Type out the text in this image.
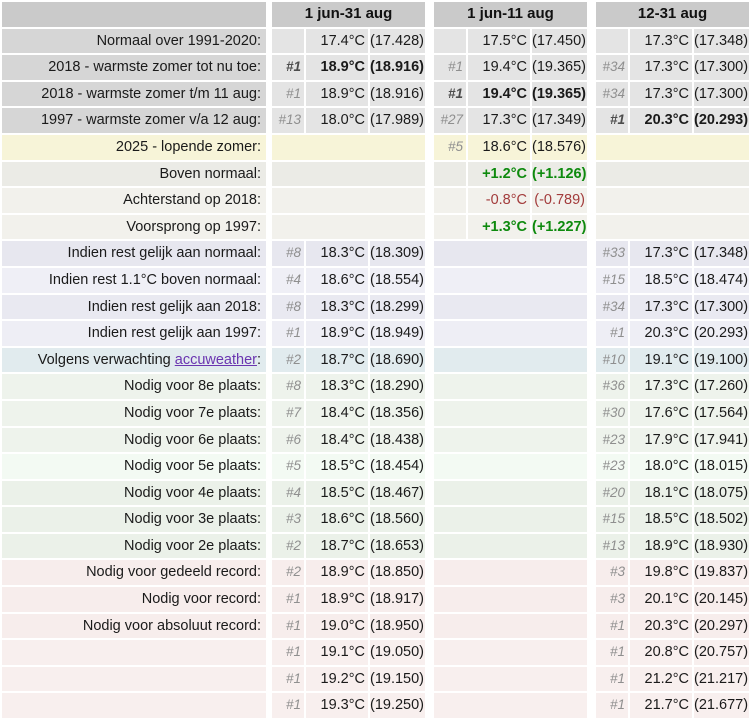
		1 jun-31 aug				1 jun-11 aug				12-31 aug		
Normaal over 1991-2020:			17.4°C	(17.428)			17.5°C	(17.450)			17.3°C	(17.348)
2018 - warmste zomer tot nu toe:		#1	18.9°C	(18.916)		#1	19.4°C	(19.365)		#34	17.3°C	(17.300)
2018 - warmste zomer t/m 11 aug:		#1	18.9°C	(18.916)		#1	19.4°C	(19.365)		#34	17.3°C	(17.300)
1997 - warmste zomer v/a 12 aug:		#13	18.0°C	(17.989)		#27	17.3°C	(17.349)		#1	20.3°C	(20.293)
2025 - lopende zomer:						#5	18.6°C	(18.576)				
Boven normaal:							+1.2°C	(+1.126)				
Achterstand op 2018:							-0.8°C	(-0.789)				
Voorsprong op 1997:							+1.3°C	(+1.227)				
Indien rest gelijk aan normaal:		#8	18.3°C	(18.309)						#33	17.3°C	(17.348)
Indien rest 1.1°C boven normaal:		#4	18.6°C	(18.554)						#15	18.5°C	(18.474)
Indien rest gelijk aan 2018:		#8	18.3°C	(18.299)						#34	17.3°C	(17.300)
Indien rest gelijk aan 1997:		#1	18.9°C	(18.949)						#1	20.3°C	(20.293)
Volgens verwachting accuweather:		#2	18.7°C	(18.690)						#10	19.1°C	(19.100)
Nodig voor 8e plaats:		#8	18.3°C	(18.290)						#36	17.3°C	(17.260)
Nodig voor 7e plaats:		#7	18.4°C	(18.356)						#30	17.6°C	(17.564)
Nodig voor 6e plaats:		#6	18.4°C	(18.438)						#23	17.9°C	(17.941)
Nodig voor 5e plaats:		#5	18.5°C	(18.454)						#23	18.0°C	(18.015)
Nodig voor 4e plaats:		#4	18.5°C	(18.467)						#20	18.1°C	(18.075)
Nodig voor 3e plaats:		#3	18.6°C	(18.560)						#15	18.5°C	(18.502)
Nodig voor 2e plaats:		#2	18.7°C	(18.653)						#13	18.9°C	(18.930)
Nodig voor gedeeld record:		#2	18.9°C	(18.850)						#3	19.8°C	(19.837)
Nodig voor record:		#1	18.9°C	(18.917)						#3	20.1°C	(20.145)
Nodig voor absoluut record:		#1	19.0°C	(18.950)						#1	20.3°C	(20.297)
		#1	19.1°C	(19.050)						#1	20.8°C	(20.757)
		#1	19.2°C	(19.150)						#1	21.2°C	(21.217)
		#1	19.3°C	(19.250)						#1	21.7°C	(21.677)
